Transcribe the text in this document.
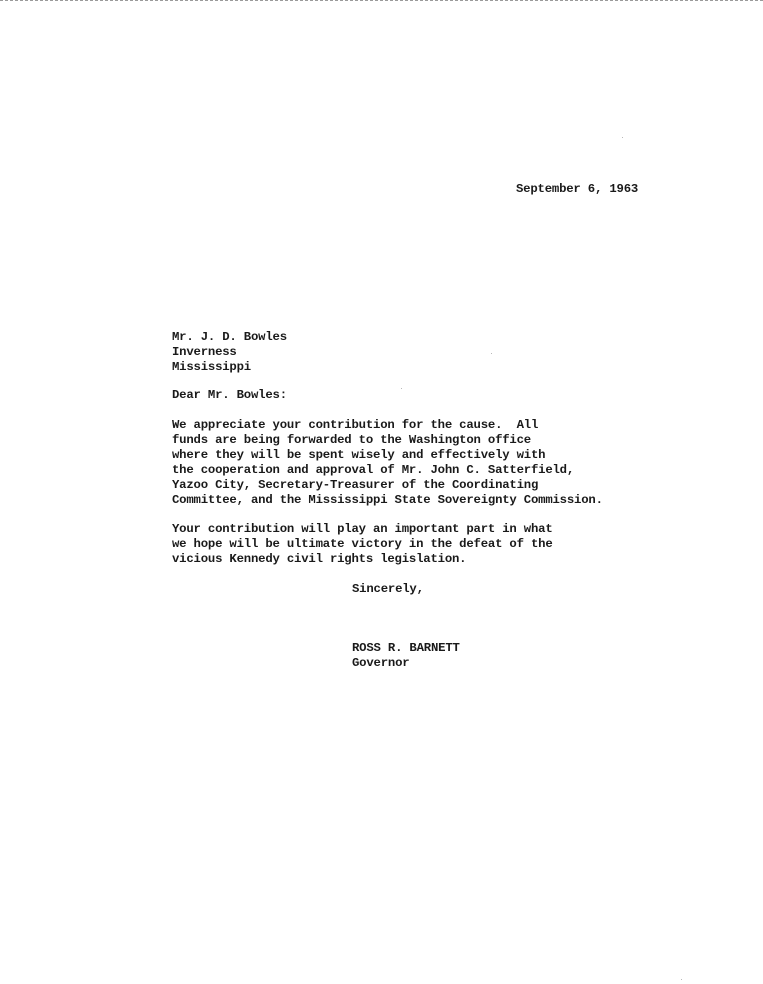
September 6, 1963
Mr. J. D. Bowles
Inverness
Mississippi
Dear Mr. Bowles:
We appreciate your contribution for the cause.  All
funds are being forwarded to the Washington office
where they will be spent wisely and effectively with
the cooperation and approval of Mr. John C. Satterfield,
Yazoo City, Secretary-Treasurer of the Coordinating
Committee, and the Mississippi State Sovereignty Commission.
Your contribution will play an important part in what
we hope will be ultimate victory in the defeat of the
vicious Kennedy civil rights legislation.
Sincerely,
ROSS R. BARNETT
Governor
